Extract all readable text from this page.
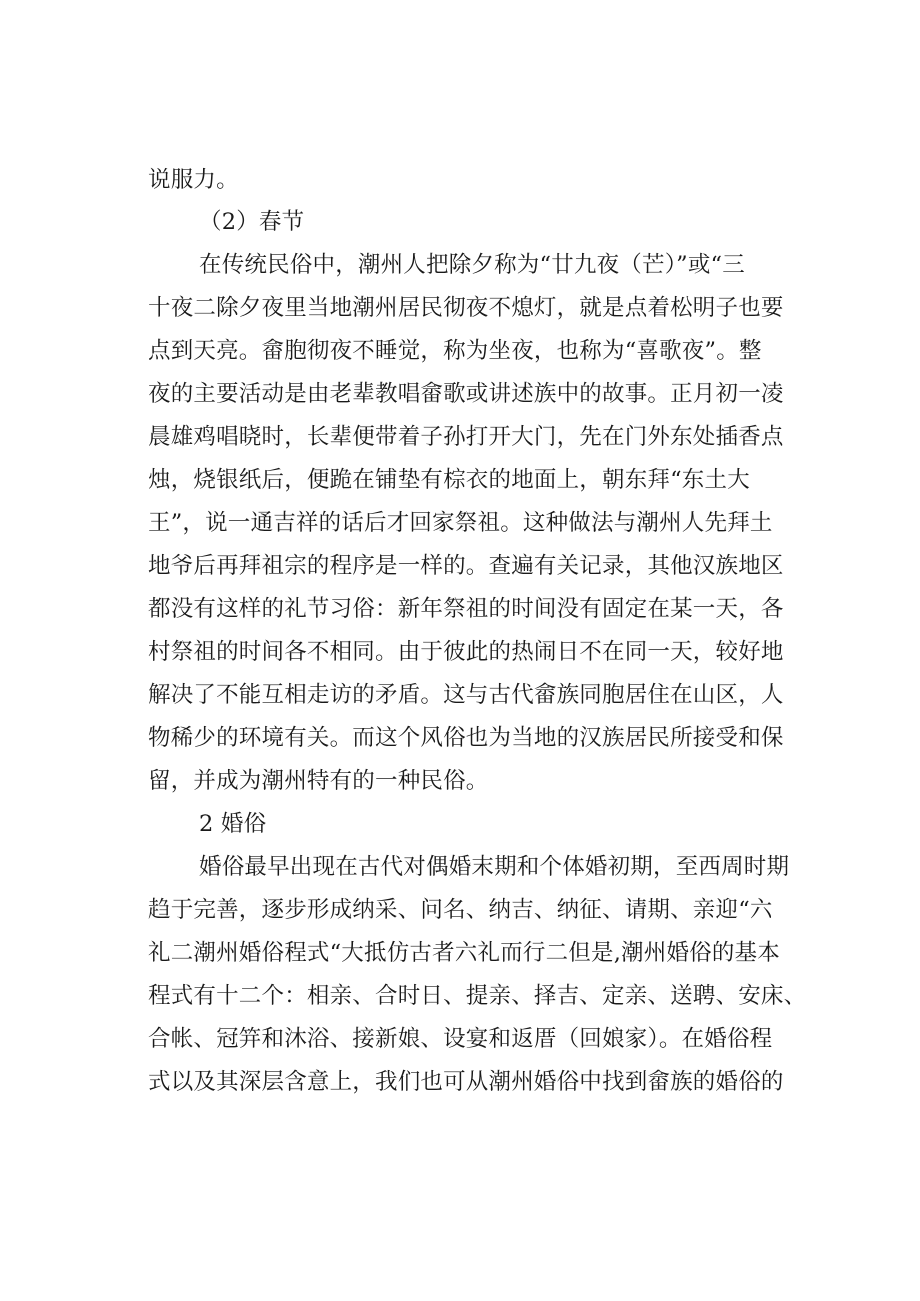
说服力。
（2）春节
在传统民俗中，潮州人把除夕称为“廿九夜（芒）”或“三
十夜二除夕夜里当地潮州居民彻夜不熄灯，就是点着松明子也要
点到天亮。畲胞彻夜不睡觉，称为坐夜，也称为“喜歌夜”。整
夜的主要活动是由老辈教唱畲歌或讲述族中的故事。正月初一凌
晨雄鸡唱晓时，长辈便带着子孙打开大门，先在门外东处插香点
烛，烧银纸后，便跪在铺垫有棕衣的地面上，朝东拜“东土大
王”，说一通吉祥的话后才回家祭祖。这种做法与潮州人先拜土
地爷后再拜祖宗的程序是一样的。查遍有关记录，其他汉族地区
都没有这样的礼节习俗：新年祭祖的时间没有固定在某一天，各
村祭祖的时间各不相同。由于彼此的热闹日不在同一天，较好地
解决了不能互相走访的矛盾。这与古代畲族同胞居住在山区，人
物稀少的环境有关。而这个风俗也为当地的汉族居民所接受和保
留，并成为潮州特有的一种民俗。
2 婚俗
婚俗最早出现在古代对偶婚末期和个体婚初期，至西周时期
趋于完善，逐步形成纳采、问名、纳吉、纳征、请期、亲迎“六
礼二潮州婚俗程式“大抵仿古者六礼而行二但是,潮州婚俗的基本
程式有十二个：相亲、合时日、提亲、择吉、定亲、送聘、安床、
合帐、冠笄和沐浴、接新娘、设宴和返厝（回娘家）。在婚俗程
式以及其深层含意上，我们也可从潮州婚俗中找到畲族的婚俗的
